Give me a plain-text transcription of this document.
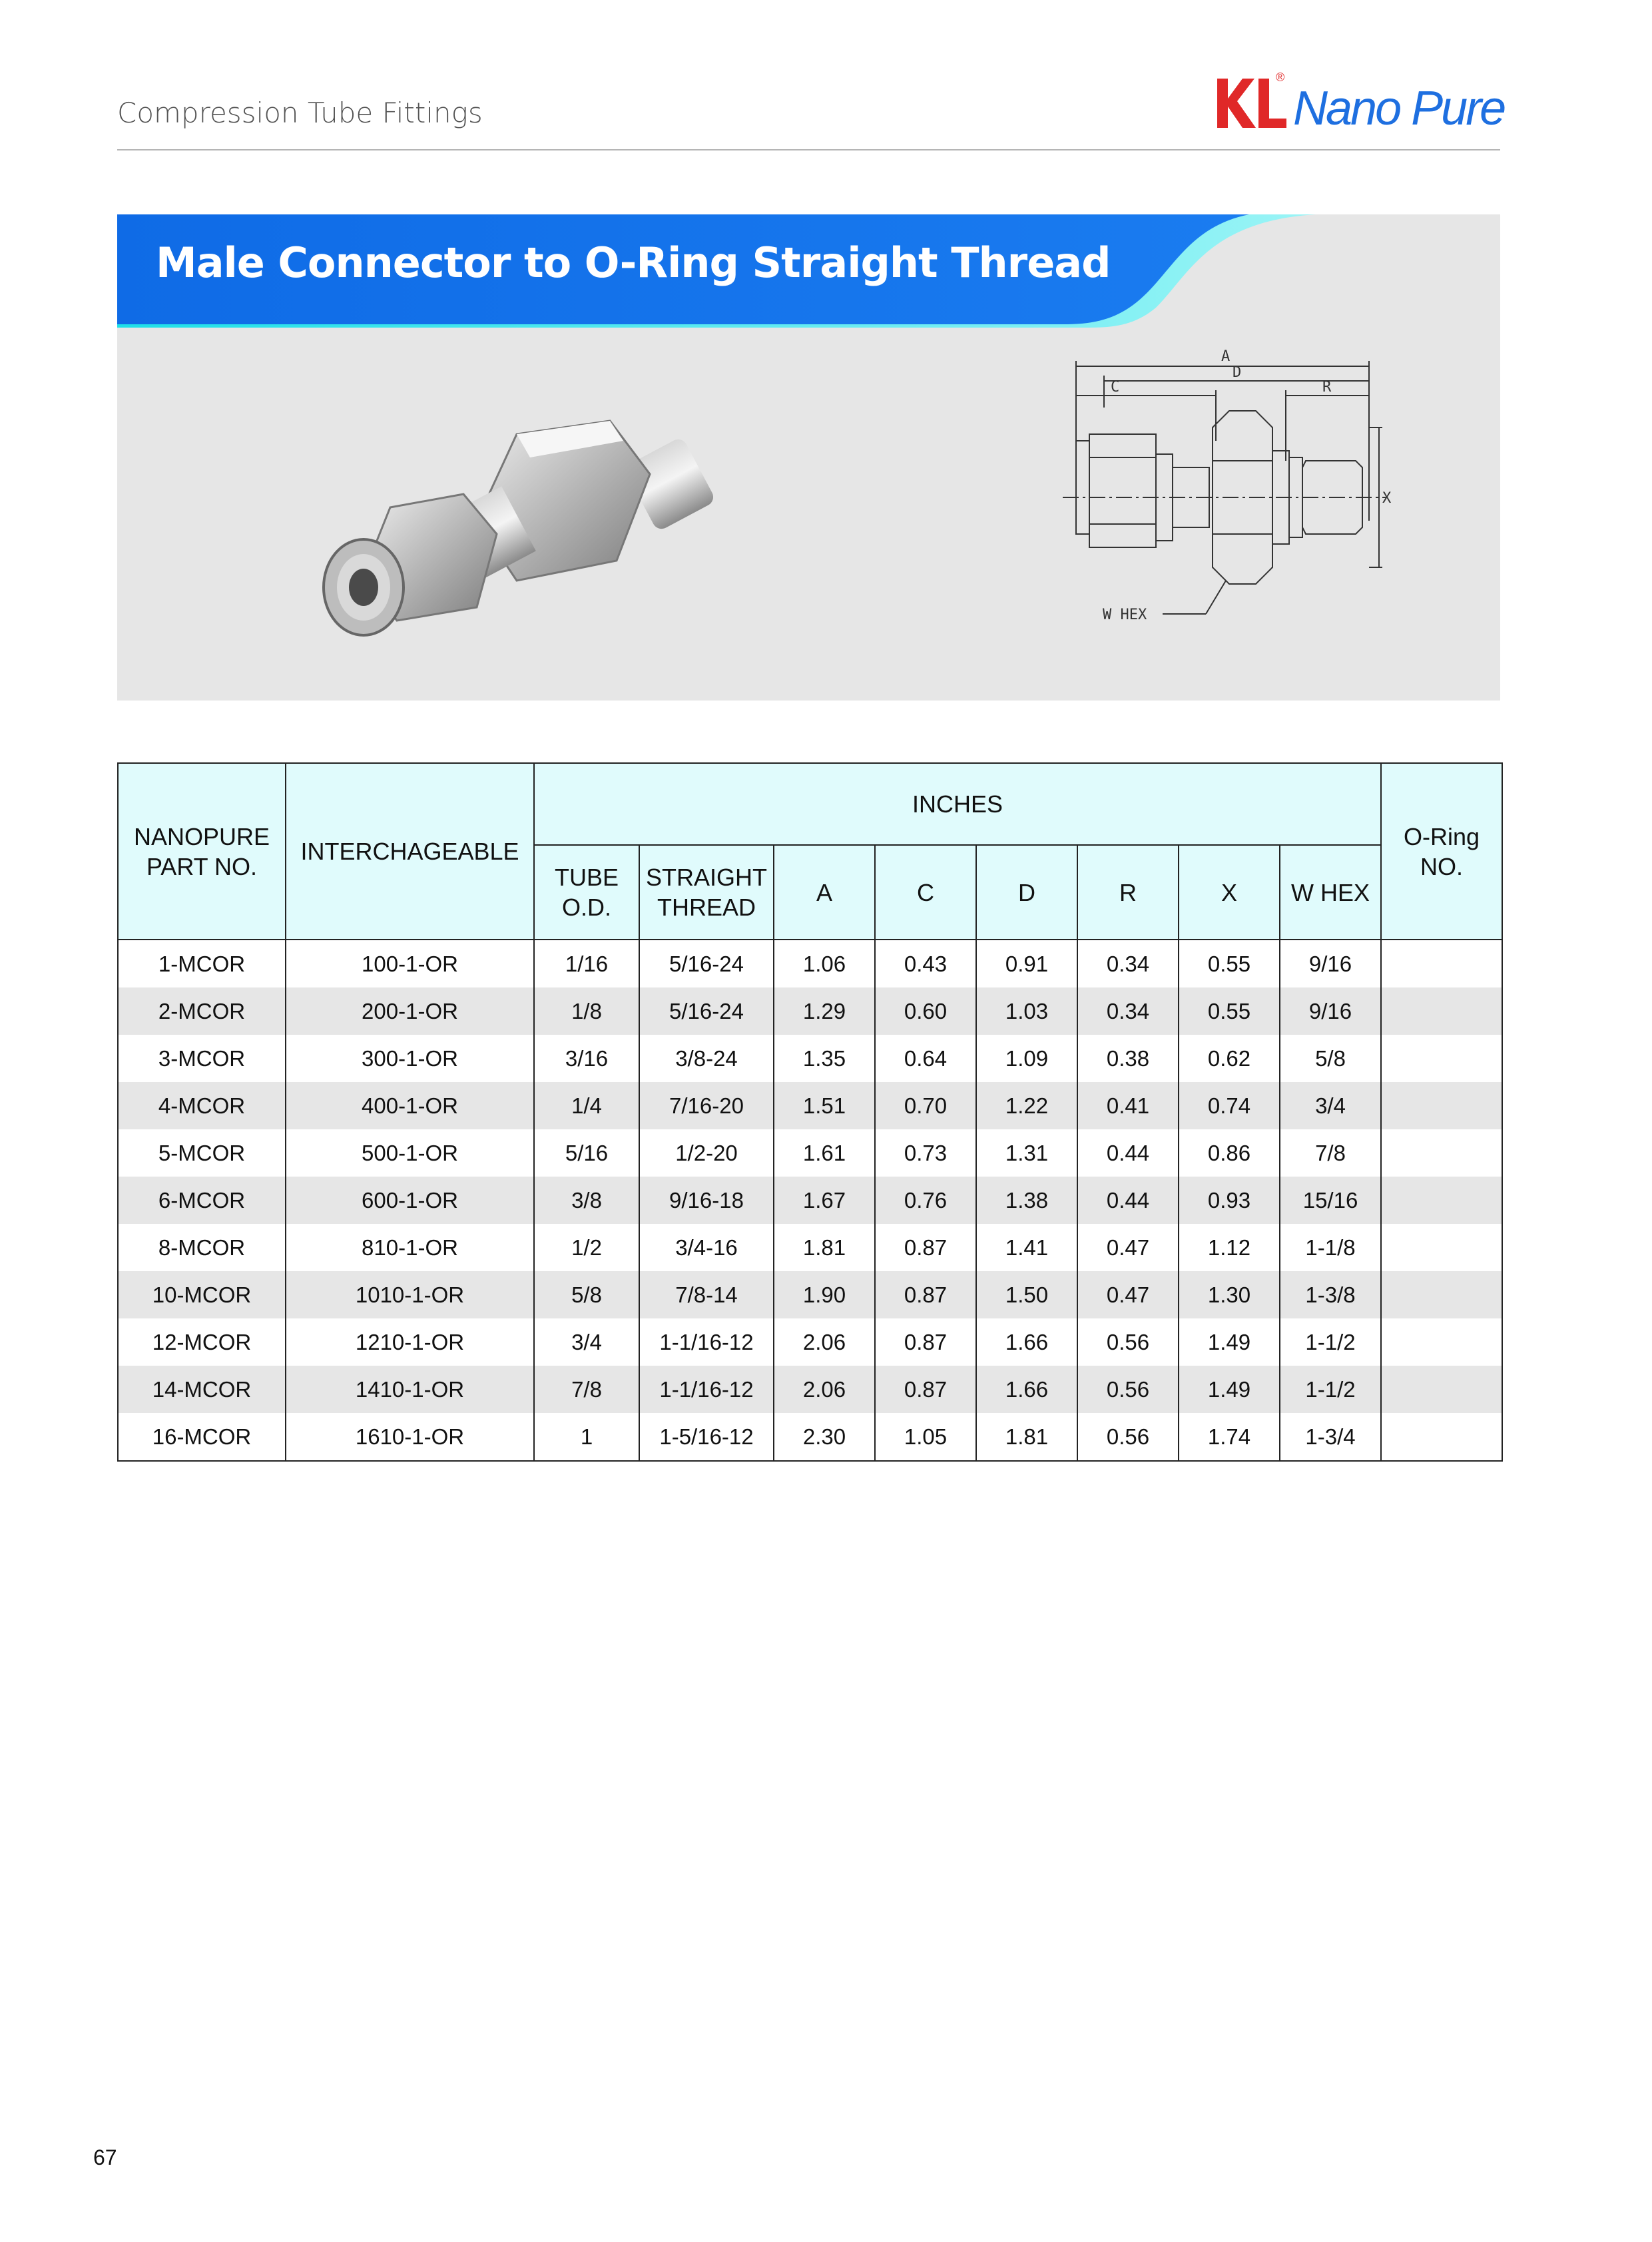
Compression Tube Fittings
®
Nano Pure
Male Connector to O-Ring Straight Thread
A
D
C	R
X
W HEX
NANOPURE PART NO.	INTERCHAGEABLE	INCHES								O-Ring NO.
		TUBE O.D.	STRAIGHT THREAD	A	C	D	R	X	W HEX	
1-MCOR	100-1-OR	1/16	5/16-24	1.06	0.43	0.91	0.34	0.55	9/16	
2-MCOR	200-1-OR	1/8	5/16-24	1.29	0.60	1.03	0.34	0.55	9/16	
3-MCOR	300-1-OR	3/16	3/8-24	1.35	0.64	1.09	0.38	0.62	5/8	
4-MCOR	400-1-OR	1/4	7/16-20	1.51	0.70	1.22	0.41	0.74	3/4	
5-MCOR	500-1-OR	5/16	1/2-20	1.61	0.73	1.31	0.44	0.86	7/8	
6-MCOR	600-1-OR	3/8	9/16-18	1.67	0.76	1.38	0.44	0.93	15/16	
8-MCOR	810-1-OR	1/2	3/4-16	1.81	0.87	1.41	0.47	1.12	1-1/8	
10-MCOR	1010-1-OR	5/8	7/8-14	1.90	0.87	1.50	0.47	1.30	1-3/8	
12-MCOR	1210-1-OR	3/4	1-1/16-12	2.06	0.87	1.66	0.56	1.49	1-1/2	
14-MCOR	1410-1-OR	7/8	1-1/16-12	2.06	0.87	1.66	0.56	1.49	1-1/2	
16-MCOR	1610-1-OR	1	1-5/16-12	2.30	1.05	1.81	0.56	1.74	1-3/4	
67
